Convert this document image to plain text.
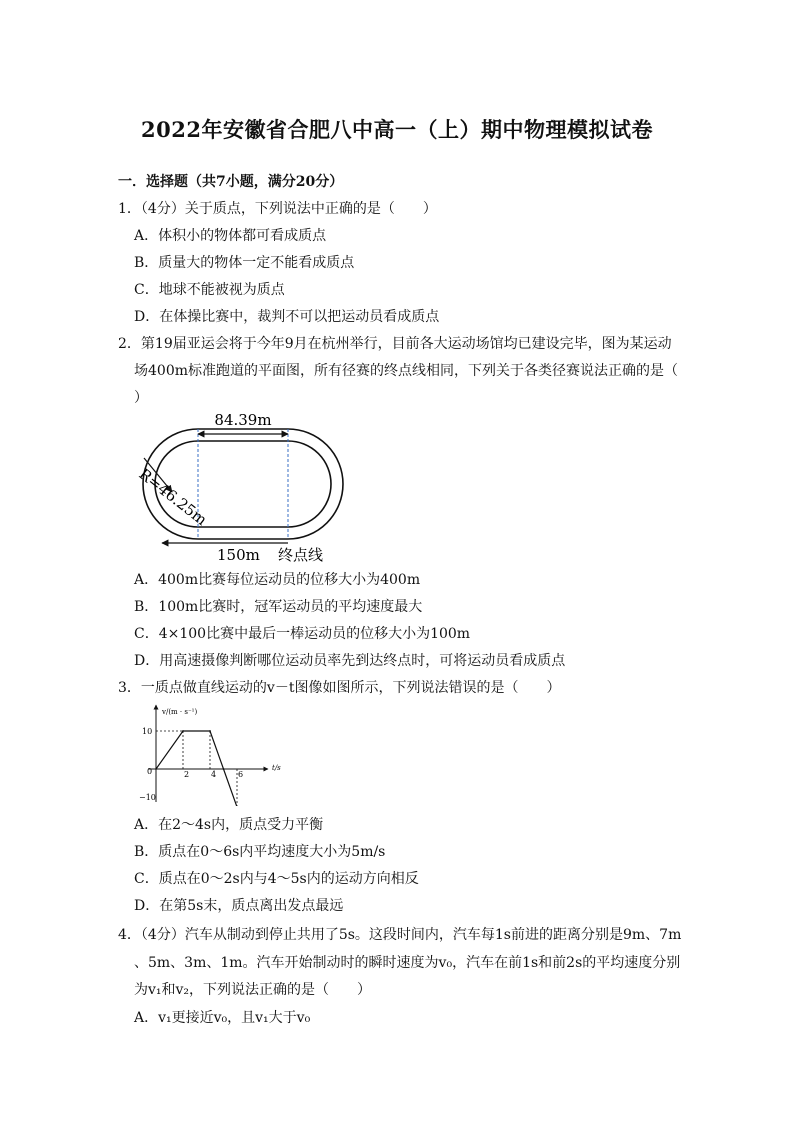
2022年安徽省合肥八中高一（上）期中物理模拟试卷
一．选择题（共7小题，满分20分）
1．（4分）关于质点，下列说法中正确的是（　　）
A．体积小的物体都可看成质点
B．质量大的物体一定不能看成质点
C．地球不能被视为质点
D．在体操比赛中，裁判不可以把运动员看成质点
2．第19届亚运会将于今年9月在杭州举行，目前各大运动场馆均已建设完毕，图为某运动
场400m标准跑道的平面图，所有径赛的终点线相同，下列关于各类径赛说法正确的是（
）
84.39m
R=46.25m
150m 终点线
A．400m比赛每位运动员的位移大小为400m
B．100m比赛时，冠军运动员的平均速度最大
C．4×100比赛中最后一棒运动员的位移大小为100m
D．用高速摄像判断哪位运动员率先到达终点时，可将运动员看成质点
3．一质点做直线运动的v－t图像如图所示，下列说法错误的是（　　）
v/(m · s⁻¹)
t/s
10
0
−10
2	4	6
A．在2～4s内，质点受力平衡
B．质点在0～6s内平均速度大小为5m/s
C．质点在0～2s内与4～5s内的运动方向相反
D．在第5s末，质点离出发点最远
4．（4分）汽车从制动到停止共用了5s。这段时间内，汽车每1s前进的距离分别是9m、7m
、5m、3m、1m。汽车开始制动时的瞬时速度为v₀，汽车在前1s和前2s的平均速度分别
为v₁和v₂，下列说法正确的是（　　）
A．v₁更接近v₀，且v₁大于v₀
